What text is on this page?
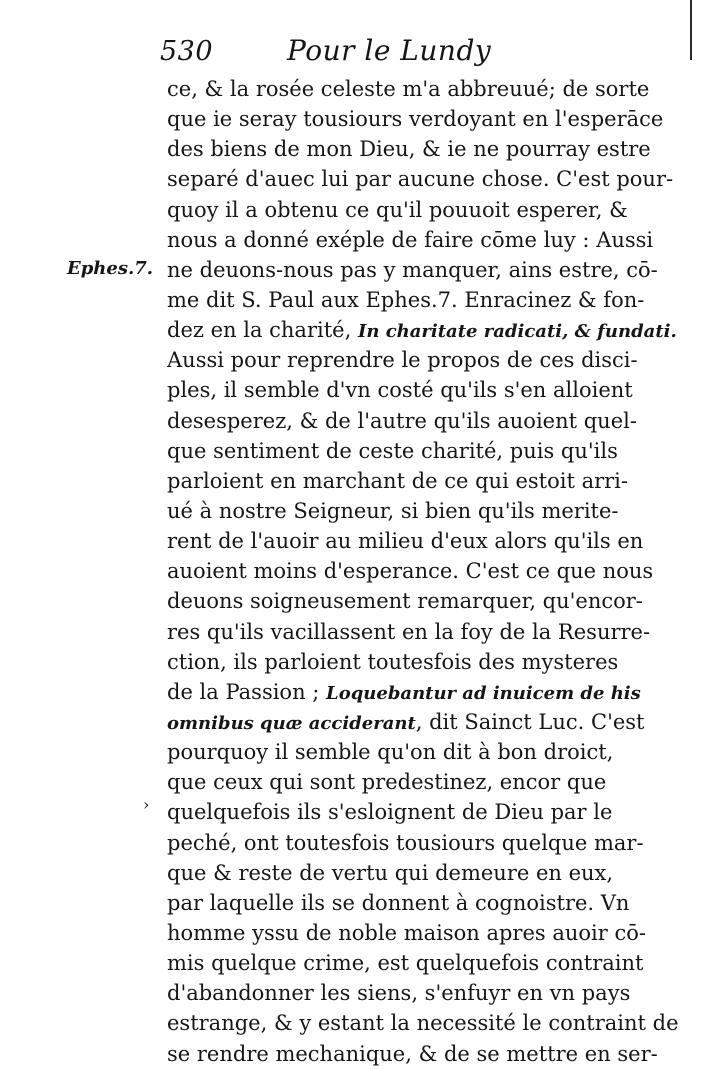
530	Pour le Lundy
Ephes.7.
›
ce, & la rosée celeste m'a abbreuué; de sorte
que ie seray tousiours verdoyant en l'esperāce
des biens de mon Dieu, & ie ne pourray estre
separé d'auec lui par aucune chose. C'est pour-
quoy il a obtenu ce qu'il pouuoit esperer, &
nous a donné exéple de faire cōme luy : Aussi
ne deuons-nous pas y manquer, ains estre, cō-
me dit S. Paul aux Ephes.7. Enracinez & fon-
dez en la charité, In charitate radicati, & fundati.
Aussi pour reprendre le propos de ces disci-
ples, il semble d'vn costé qu'ils s'en alloient
desesperez, & de l'autre qu'ils auoient quel-
que sentiment de ceste charité, puis qu'ils
parloient en marchant de ce qui estoit arri-
ué à nostre Seigneur, si bien qu'ils merite-
rent de l'auoir au milieu d'eux alors qu'ils en
auoient moins d'esperance. C'est ce que nous
deuons soigneusement remarquer, qu'encor-
res qu'ils vacillassent en la foy de la Resurre-
ction, ils parloient toutesfois des mysteres
de la Passion ; Loquebantur ad inuicem de his
omnibus quæ acciderant, dit Sainct Luc. C'est
pourquoy il semble qu'on dit à bon droict,
que ceux qui sont predestinez, encor que
quelquefois ils s'esloignent de Dieu par le
peché, ont toutesfois tousiours quelque mar-
que & reste de vertu qui demeure en eux,
par laquelle ils se donnent à cognoistre. Vn
homme yssu de noble maison apres auoir cō-
mis quelque crime, est quelquefois contraint
d'abandonner les siens, s'enfuyr en vn pays
estrange, & y estant la necessité le contraint de
se rendre mechanique, & de se mettre en ser-
